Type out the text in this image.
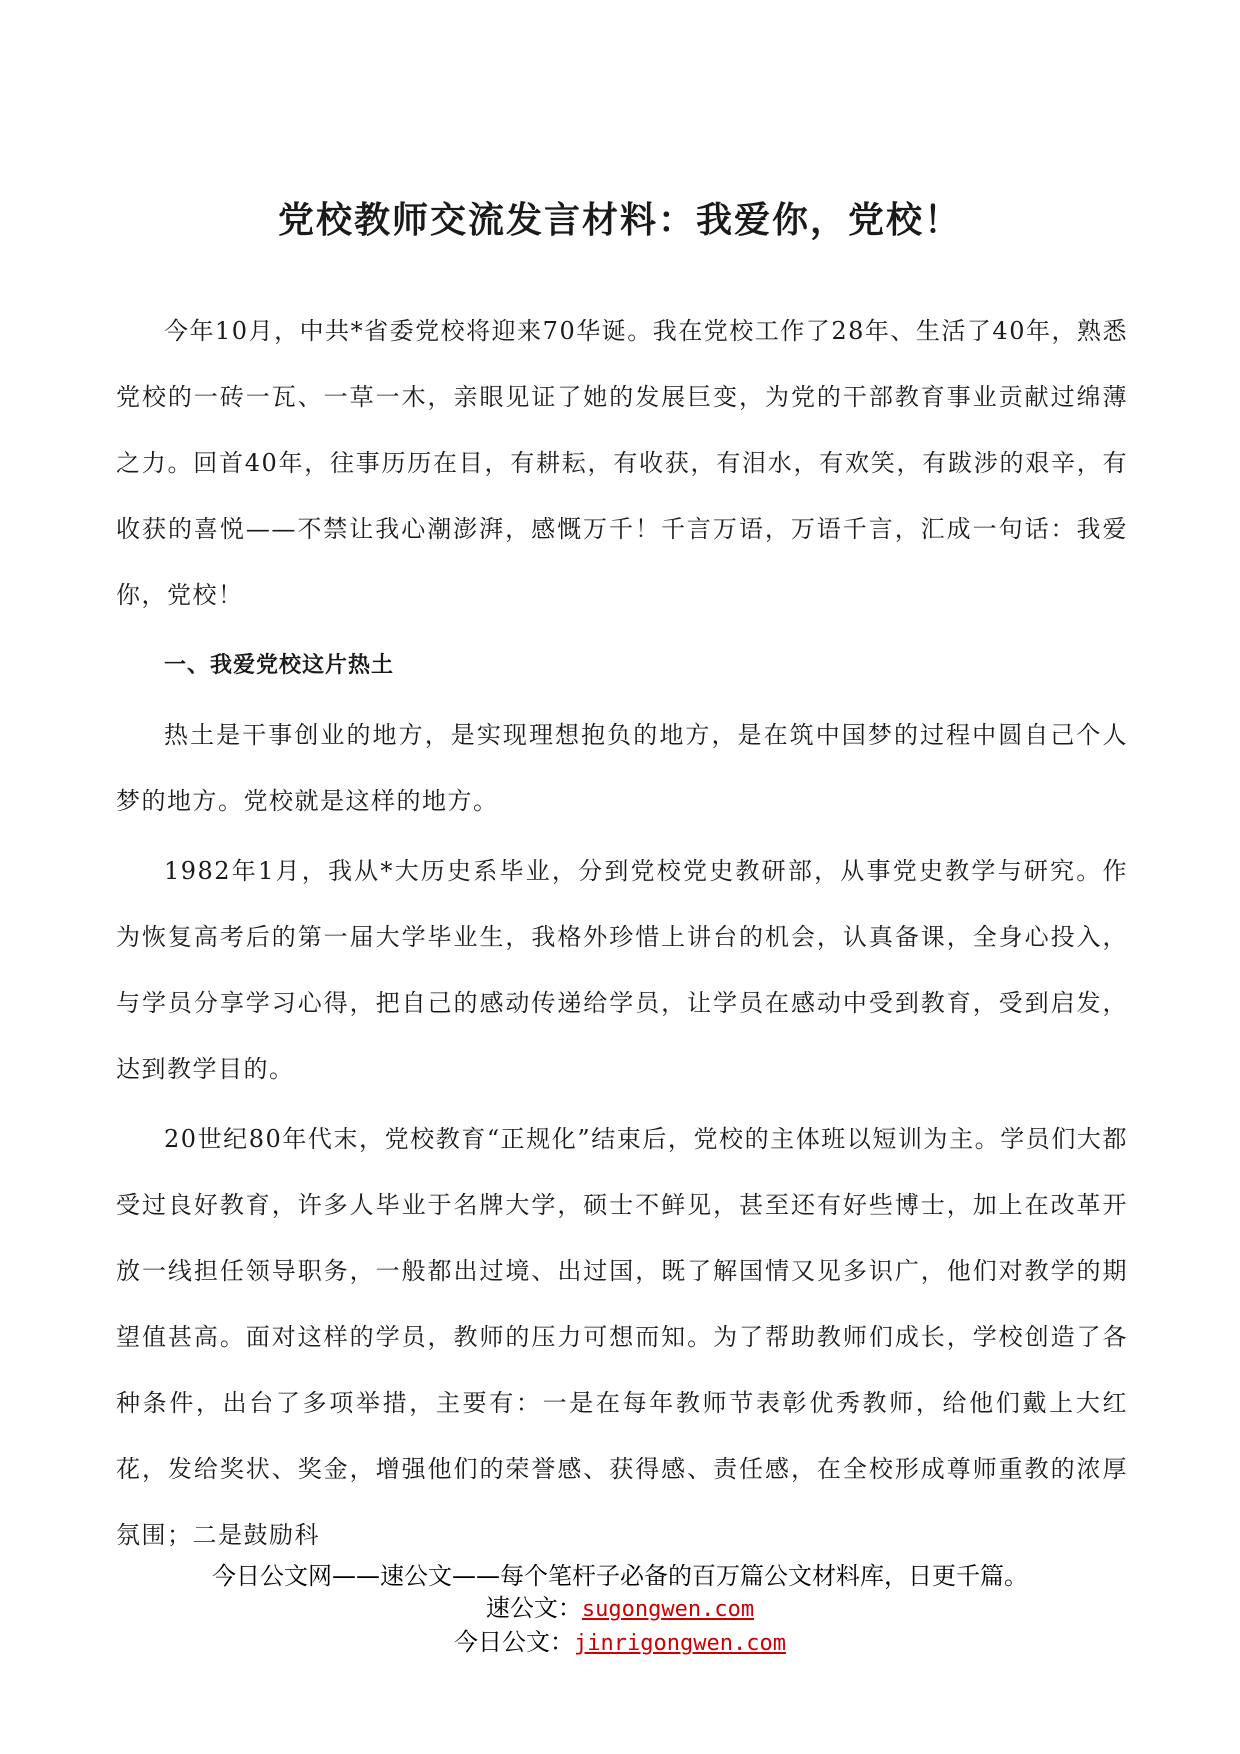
党校教师交流发言材料：我爱你，党校！

今年10月，中共*省委党校将迎来70华诞。我在党校工作了28年、生活了40年，熟悉党校的一砖一瓦、一草一木，亲眼见证了她的发展巨变，为党的干部教育事业贡献过绵薄之力。回首40年，往事历历在目，有耕耘，有收获，有泪水，有欢笑，有跋涉的艰辛，有收获的喜悦——不禁让我心潮澎湃，感慨万千！千言万语，万语千言，汇成一句话：我爱你，党校！

一、我爱党校这片热土

热土是干事创业的地方，是实现理想抱负的地方，是在筑中国梦的过程中圆自己个人梦的地方。党校就是这样的地方。

1982年1月，我从*大历史系毕业，分到党校党史教研部，从事党史教学与研究。作为恢复高考后的第一届大学毕业生，我格外珍惜上讲台的机会，认真备课，全身心投入，与学员分享学习心得，把自己的感动传递给学员，让学员在感动中受到教育，受到启发，达到教学目的。

20世纪80年代末，党校教育“正规化”结束后，党校的主体班以短训为主。学员们大都受过良好教育，许多人毕业于名牌大学，硕士不鲜见，甚至还有好些博士，加上在改革开放一线担任领导职务，一般都出过境、出过国，既了解国情又见多识广，他们对教学的期望值甚高。面对这样的学员，教师的压力可想而知。为了帮助教师们成长，学校创造了各种条件，出台了多项举措，主要有：一是在每年教师节表彰优秀教师，给他们戴上大红花，发给奖状、奖金，增强他们的荣誉感、获得感、责任感，在全校形成尊师重教的浓厚氛围；二是鼓励科

今日公文网——速公文——每个笔杆子必备的百万篇公文材料库，日更千篇。
速公文：sugongwen.com
今日公文：jinrigongwen.com
